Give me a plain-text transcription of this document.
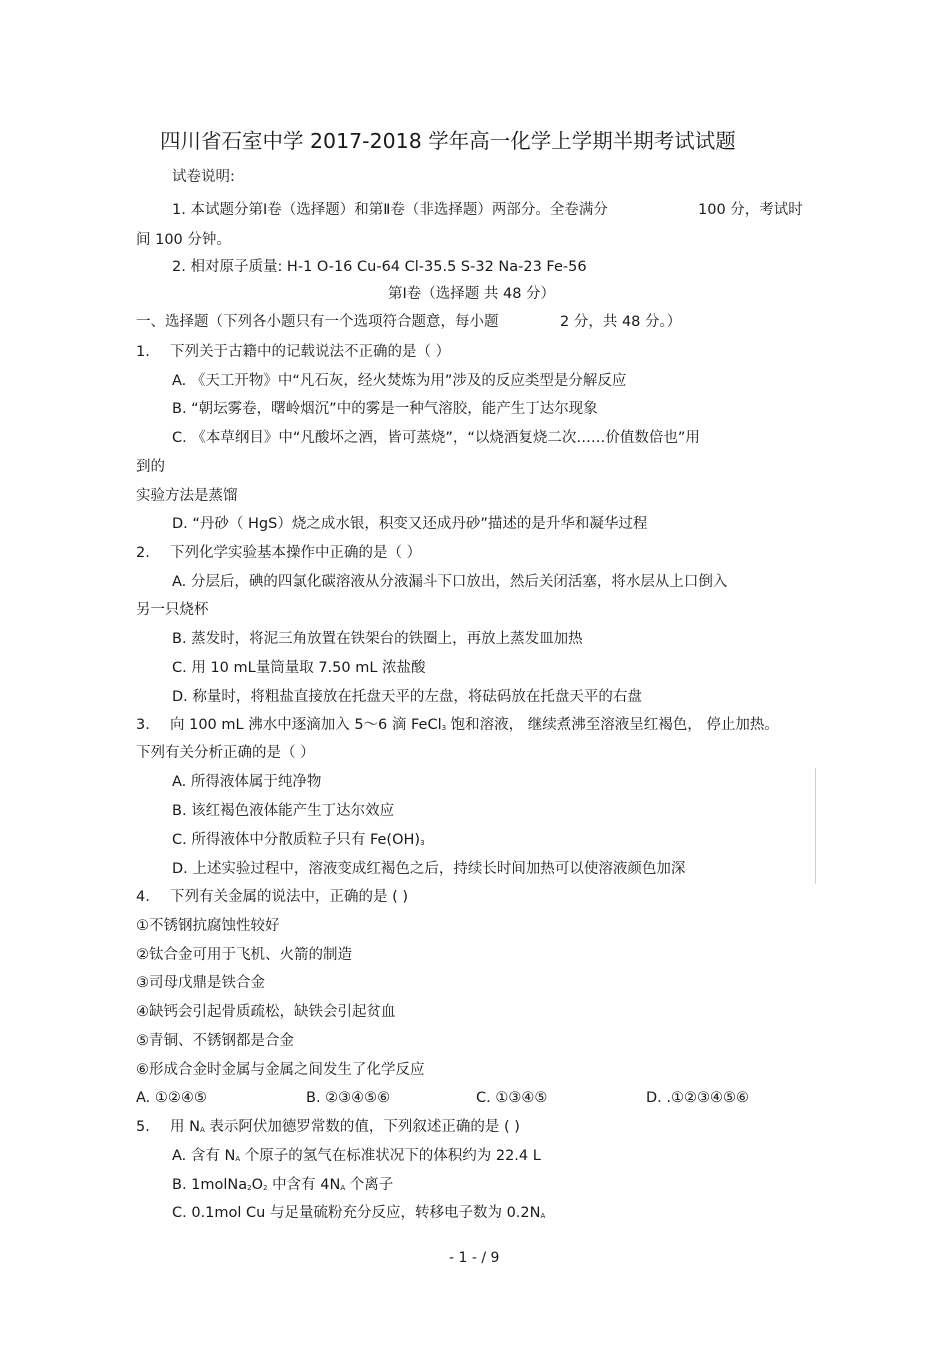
四川省石室中学 2017-2018 学年高一化学上学期半期考试试题
试卷说明:
1. 本试题分第Ⅰ卷（选择题）和第Ⅱ卷（非选择题）两部分。全卷满分	100 分，考试时
间 100 分钟。
2. 相对原子质量: H-1 O-16 Cu-64 Cl-35.5 S-32 Na-23 Fe-56
第Ⅰ卷（选择题 共 48 分）
一、选择题（下列各小题只有一个选项符合题意，每小题	2 分，共 48 分。）
1. 下列关于古籍中的记载说法不正确的是（ ）
A. 《天工开物》中“凡石灰，经火焚炼为用”涉及的反应类型是分解反应
B. “朝坛雾卷，曙岭烟沉”中的雾是一种气溶胶，能产生丁达尔现象
C. 《本草纲目》中“凡酸坏之酒，皆可蒸烧”，“以烧酒复烧二次……价值数倍也”用
到的
实验方法是蒸馏
D. “丹砂（ HgS）烧之成水银，积变又还成丹砂”描述的是升华和凝华过程
2. 下列化学实验基本操作中正确的是（ ）
A. 分层后，碘的四氯化碳溶液从分液漏斗下口放出，然后关闭活塞，将水层从上口倒入
另一只烧杯
B. 蒸发时，将泥三角放置在铁架台的铁圈上，再放上蒸发皿加热
C. 用 10 mL量筒量取 7.50 mL 浓盐酸
D. 称量时，将粗盐直接放在托盘天平的左盘，将砝码放在托盘天平的右盘
3. 向 100 mL 沸水中逐滴加入 5～6 滴 FeCl3 饱和溶液， 继续煮沸至溶液呈红褐色， 停止加热。
下列有关分析正确的是（ ）
A. 所得液体属于纯净物
B. 该红褐色液体能产生丁达尔效应
C. 所得液体中分散质粒子只有 Fe(OH)3
D. 上述实验过程中，溶液变成红褐色之后，持续长时间加热可以使溶液颜色加深
4. 下列有关金属的说法中，正确的是 ( )
①不锈钢抗腐蚀性较好
②钛合金可用于飞机、火箭的制造
③司母戊鼎是铁合金
④缺钙会引起骨质疏松，缺铁会引起贫血
⑤青铜、不锈钢都是合金
⑥形成合金时金属与金属之间发生了化学反应
A. ①②④⑤	B. ②③④⑤⑥	C. ①③④⑤	D. .①②③④⑤⑥
5. 用 NA 表示阿伏加德罗常数的值，下列叙述正确的是 ( )
A. 含有 NA 个原子的氢气在标准状况下的体积约为 22.4 L
B. 1molNa2O2 中含有 4NA 个离子
C. 0.1mol Cu 与足量硫粉充分反应，转移电子数为 0.2NA
- 1 - / 9
